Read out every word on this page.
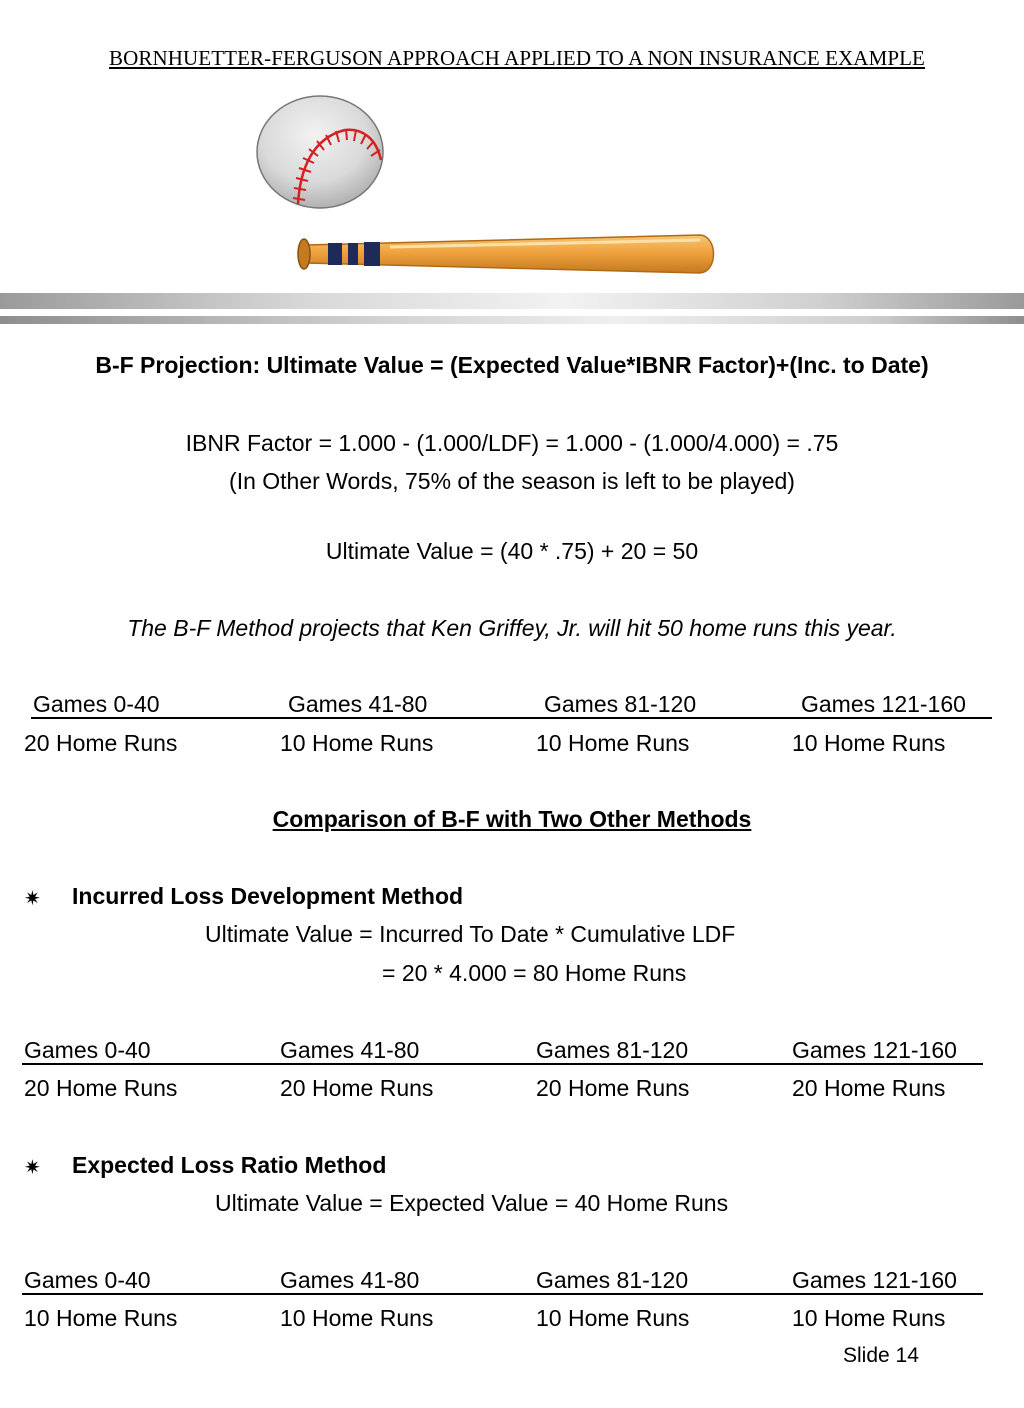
BORNHUETTER-FERGUSON APPROACH APPLIED TO A NON INSURANCE EXAMPLE
B-F Projection: Ultimate Value = (Expected Value*IBNR Factor)+(Inc. to Date)
IBNR Factor = 1.000 - (1.000/LDF) = 1.000 - (1.000/4.000) = .75
(In Other Words, 75% of the season is left to be played)
Ultimate Value = (40 * .75) + 20 = 50
The B-F Method projects that Ken Griffey, Jr. will hit 50 home runs this year.
Games 0-40	Games 41-80	Games 81-120	Games 121-160
20 Home Runs	10 Home Runs	10 Home Runs	10 Home Runs
Comparison of B-F with Two Other Methods
✷ Incurred Loss Development Method
Ultimate Value = Incurred To Date * Cumulative LDF
= 20 * 4.000 = 80 Home Runs
Games 0-40	Games 41-80	Games 81-120	Games 121-160
20 Home Runs	20 Home Runs	20 Home Runs	20 Home Runs
✷ Expected Loss Ratio Method
Ultimate Value = Expected Value = 40 Home Runs
Games 0-40	Games 41-80	Games 81-120	Games 121-160
10 Home Runs	10 Home Runs	10 Home Runs	10 Home Runs
Slide 14
